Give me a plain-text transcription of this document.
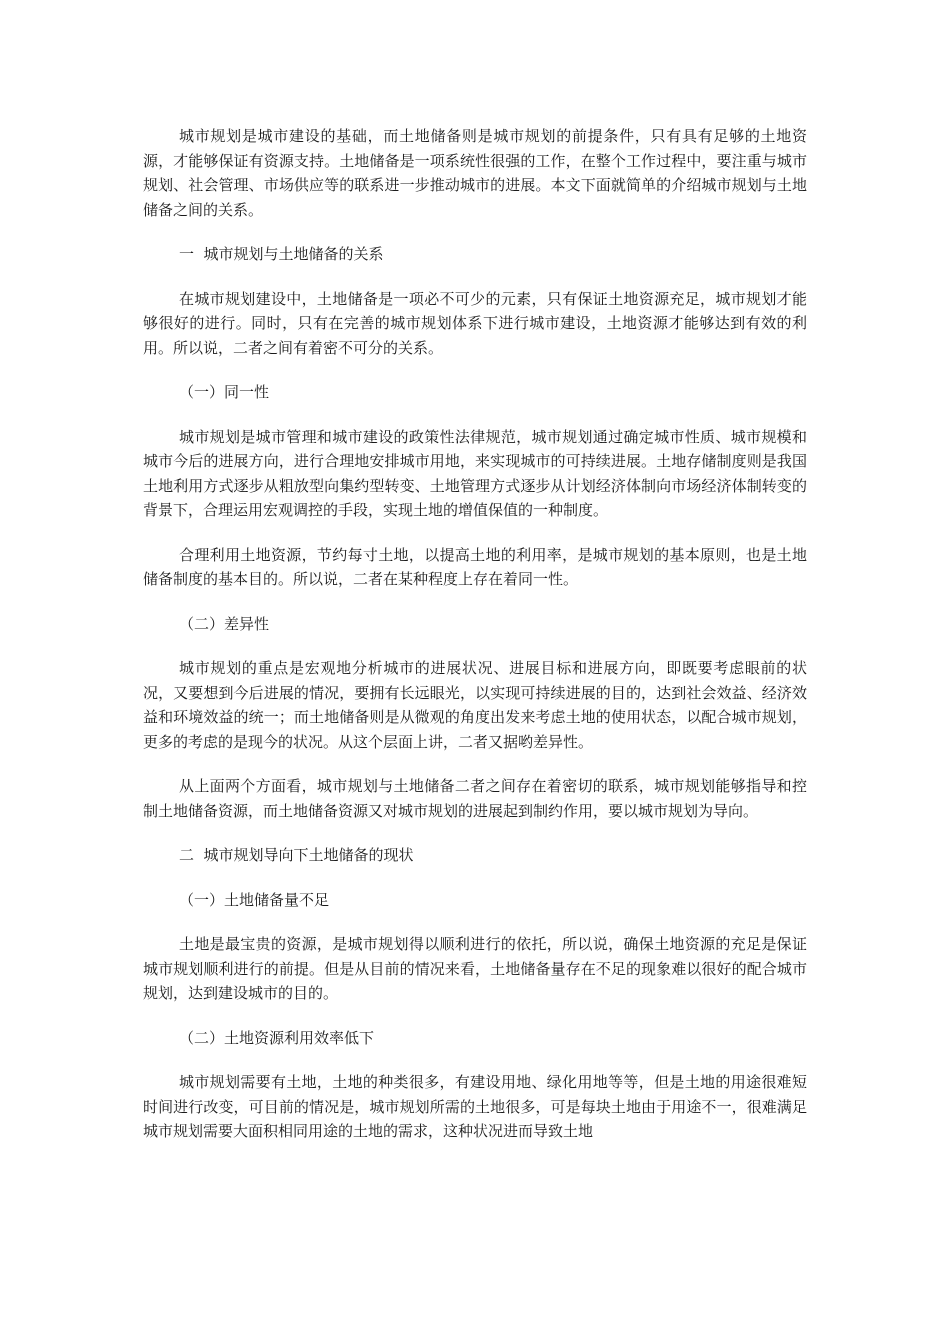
城市规划是城市建设的基础，而土地储备则是城市规划的前提条件，只有具有足够的土地资源，才能够保证有资源支持。土地储备是一项系统性很强的工作，在整个工作过程中，要注重与城市规划、社会管理、市场供应等的联系进一步推动城市的进展。本文下面就简单的介绍城市规划与土地储备之间的关系。

一  城市规划与土地储备的关系

在城市规划建设中，土地储备是一项必不可少的元素，只有保证土地资源充足，城市规划才能够很好的进行。同时，只有在完善的城市规划体系下进行城市建设，土地资源才能够达到有效的利用。所以说，二者之间有着密不可分的关系。

（一）同一性

城市规划是城市管理和城市建设的政策性法律规范，城市规划通过确定城市性质、城市规模和城市今后的进展方向，进行合理地安排城市用地，来实现城市的可持续进展。土地存储制度则是我国土地利用方式逐步从粗放型向集约型转变、土地管理方式逐步从计划经济体制向市场经济体制转变的背景下，合理运用宏观调控的手段，实现土地的增值保值的一种制度。

合理利用土地资源，节约每寸土地，以提高土地的利用率，是城市规划的基本原则，也是土地储备制度的基本目的。所以说，二者在某种程度上存在着同一性。

（二）差异性

城市规划的重点是宏观地分析城市的进展状况、进展目标和进展方向，即既要考虑眼前的状况，又要想到今后进展的情况，要拥有长远眼光，以实现可持续进展的目的，达到社会效益、经济效益和环境效益的统一；而土地储备则是从微观的角度出发来考虑土地的使用状态，以配合城市规划，更多的考虑的是现今的状况。从这个层面上讲，二者又据哟差异性。

从上面两个方面看，城市规划与土地储备二者之间存在着密切的联系，城市规划能够指导和控制土地储备资源，而土地储备资源又对城市规划的进展起到制约作用，要以城市规划为导向。

二  城市规划导向下土地储备的现状

（一）土地储备量不足

土地是最宝贵的资源，是城市规划得以顺利进行的依托，所以说，确保土地资源的充足是保证城市规划顺利进行的前提。但是从目前的情况来看，土地储备量存在不足的现象难以很好的配合城市规划，达到建设城市的目的。

（二）土地资源利用效率低下

城市规划需要有土地，土地的种类很多，有建设用地、绿化用地等等，但是土地的用途很难短时间进行改变，可目前的情况是，城市规划所需的土地很多，可是每块土地由于用途不一，很难满足城市规划需要大面积相同用途的土地的需求，这种状况进而导致土地
